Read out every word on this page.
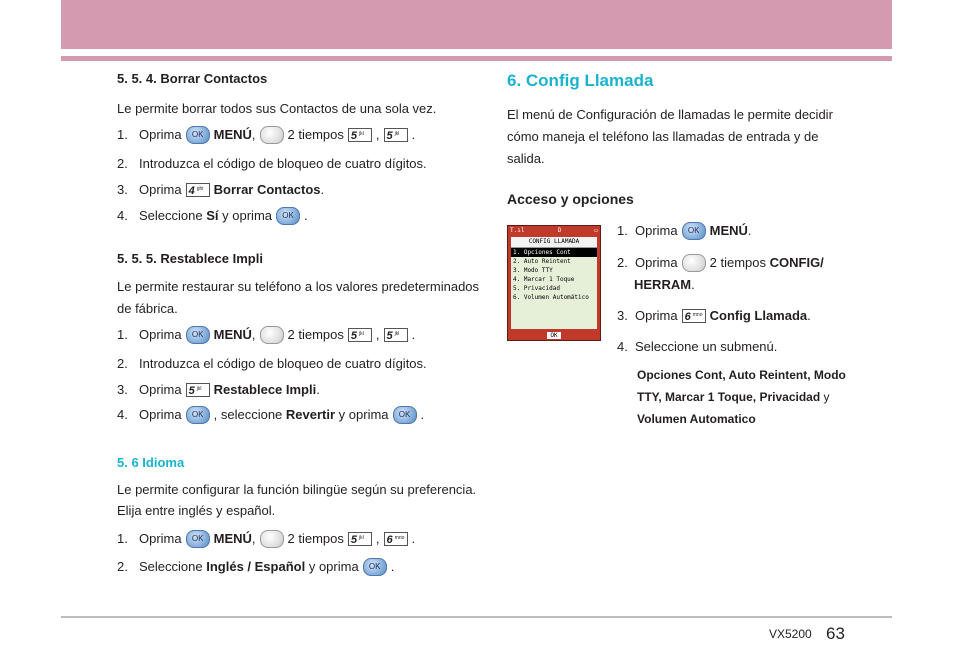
5. 5. 4. Borrar Contactos
Le permite borrar todos sus Contactos de una sola vez.
1. Oprima	OK MENÚ , 2 tiempos 5 jkl , 5 jkl .
2. Introduzca el código de bloqueo de cuatro dígitos.
3. Oprima 4 ghi Borrar Contactos .
4. Seleccione
Sí
y oprima	OK .
5. 5. 5. Restablece Impli
Le permite restaurar su teléfono a los valores predeterminados
de fábrica.
1. Oprima	OK MENÚ , 2 tiempos 5 jkl , 5 jkl .
2. Introduzca el código de bloqueo de cuatro dígitos.
3. Oprima 5 jkl Restablece Impli .
4. Oprima	OK , seleccione
Revertir
y oprima	OK .
5. 6 Idioma
Le permite configurar la función bilingüe según su preferencia.
Elija entre inglés y español.
1. Oprima	OK MENÚ , 2 tiempos 5 jkl , 6 mno .
2. Seleccione
Inglés / Español
y oprima	OK .
6. Config Llamada
El menú de Configuración de llamadas le permite decidir
cómo maneja el teléfono las llamadas de entrada y de
salida.
Acceso y opciones
T.ıl	D	▭
CONFIG LLAMADA
1. Opciones Cont
2. Auto Reintent
3. Modo TTY
4. Marcar 1 Toque
5. Privacidad
6. Volumen Automático
OK
1. Oprima	OK MENÚ .
2. Oprima 2 tiempos
CONFIG/
HERRAM.
3. Oprima 6 mno Config Llamada .
4. Seleccione un submenú.
Opciones Cont, Auto Reintent, Modo
TTY, Marcar 1 Toque, Privacidad y
Volumen Automatico
VX5200 63
